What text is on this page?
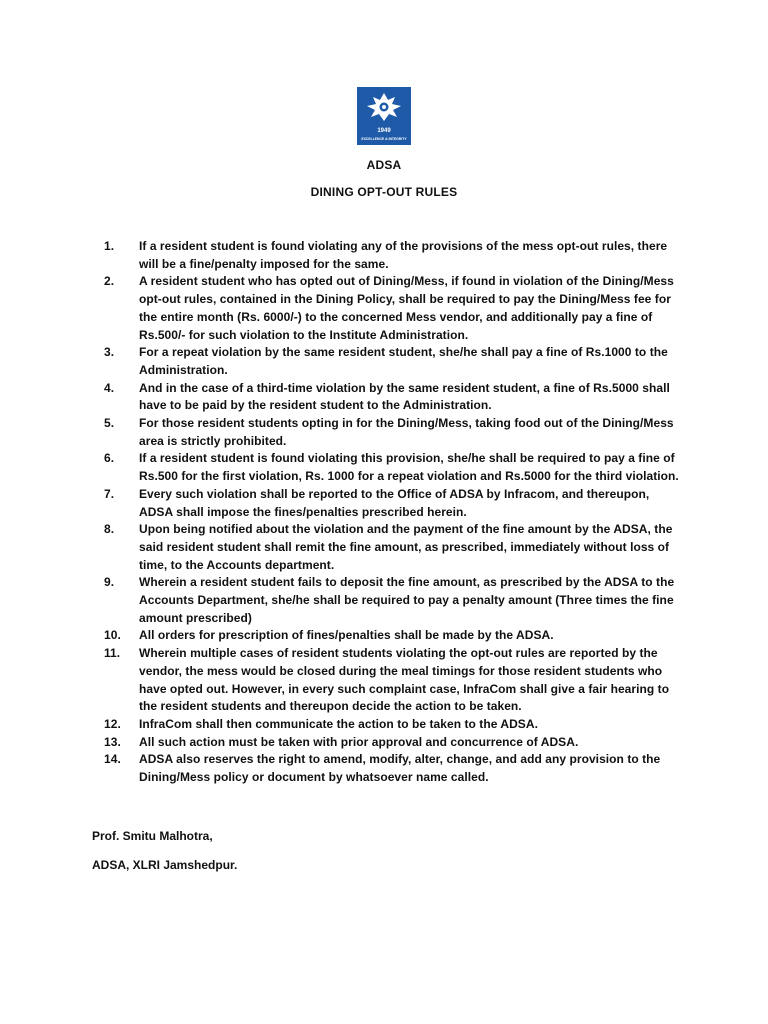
1949
EXCELLENCE & INTEGRITY
ADSA
DINING OPT-OUT RULES
1.	If a resident student is found violating any of the provisions of the mess opt-out rules, there will be a fine/penalty imposed for the same.
2.	A resident student who has opted out of Dining/Mess, if found in violation of the Dining/Mess opt-out rules, contained in the Dining Policy, shall be required to pay the Dining/Mess fee for the entire month (Rs. 6000/-) to the concerned Mess vendor, and additionally pay a fine of Rs.500/- for such violation to the Institute Administration.
3.	For a repeat violation by the same resident student, she/he shall pay a fine of Rs.1000 to the Administration.
4.	And in the case of a third-time violation by the same resident student, a fine of Rs.5000 shall have to be paid by the resident student to the Administration.
5.	For those resident students opting in for the Dining/Mess, taking food out of the Dining/Mess area is strictly prohibited.
6.	If a resident student is found violating this provision, she/he shall be required to pay a fine of Rs.500 for the first violation, Rs. 1000 for a repeat violation and Rs.5000 for the third violation.
7.	Every such violation shall be reported to the Office of ADSA by Infracom, and thereupon, ADSA shall impose the fines/penalties prescribed herein.
8.	Upon being notified about the violation and the payment of the fine amount by the ADSA, the said resident student shall remit the fine amount, as prescribed, immediately without loss of time, to the Accounts department.
9.	Wherein a resident student fails to deposit the fine amount, as prescribed by the ADSA to the Accounts Department, she/he shall be required to pay a penalty amount (Three times the fine amount prescribed)
10.	All orders for prescription of fines/penalties shall be made by the ADSA.
11.	Wherein multiple cases of resident students violating the opt-out rules are reported by the vendor, the mess would be closed during the meal timings for those resident students who have opted out. However, in every such complaint case, InfraCom shall give a fair hearing to the resident students and thereupon decide the action to be taken.
12.	InfraCom shall then communicate the action to be taken to the ADSA.
13.	All such action must be taken with prior approval and concurrence of ADSA.
14.	ADSA also reserves the right to amend, modify, alter, change, and add any provision to the Dining/Mess policy or document by whatsoever name called.
Prof. Smitu Malhotra,
ADSA, XLRI Jamshedpur.
